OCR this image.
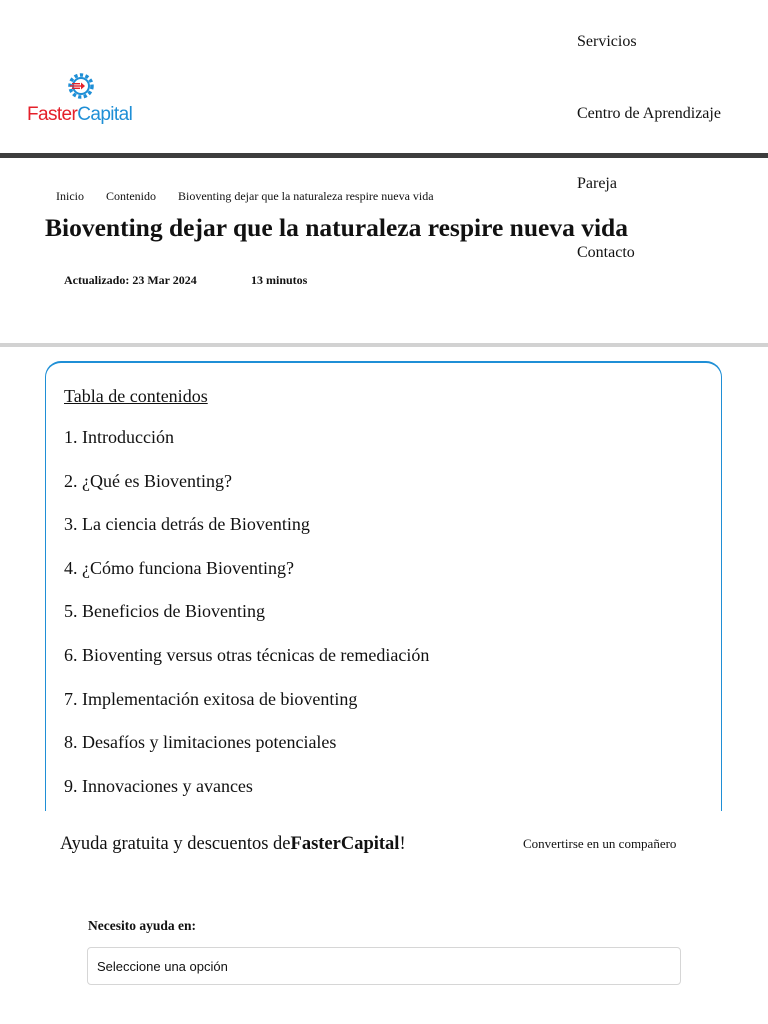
FasterCapital
Servicios
Centro de Aprendizaje
Pareja
Contacto
Inicio Contenido Bioventing dejar que la naturaleza respire nueva vida
Bioventing dejar que la naturaleza respire nueva vida
Actualizado: 23 Mar 2024	13 minutos
Tabla de contenidos
1. Introducción
2. ¿Qué es Bioventing?
3. La ciencia detrás de Bioventing
4. ¿Cómo funciona Bioventing?
5. Beneficios de Bioventing
6. Bioventing versus otras técnicas de remediación
7. Implementación exitosa de bioventing
8. Desafíos y limitaciones potenciales
9. Innovaciones y avances
Ayuda gratuita y descuentos deFasterCapital!	Convertirse en un compañero
Necesito ayuda en:
Seleccione una opción
